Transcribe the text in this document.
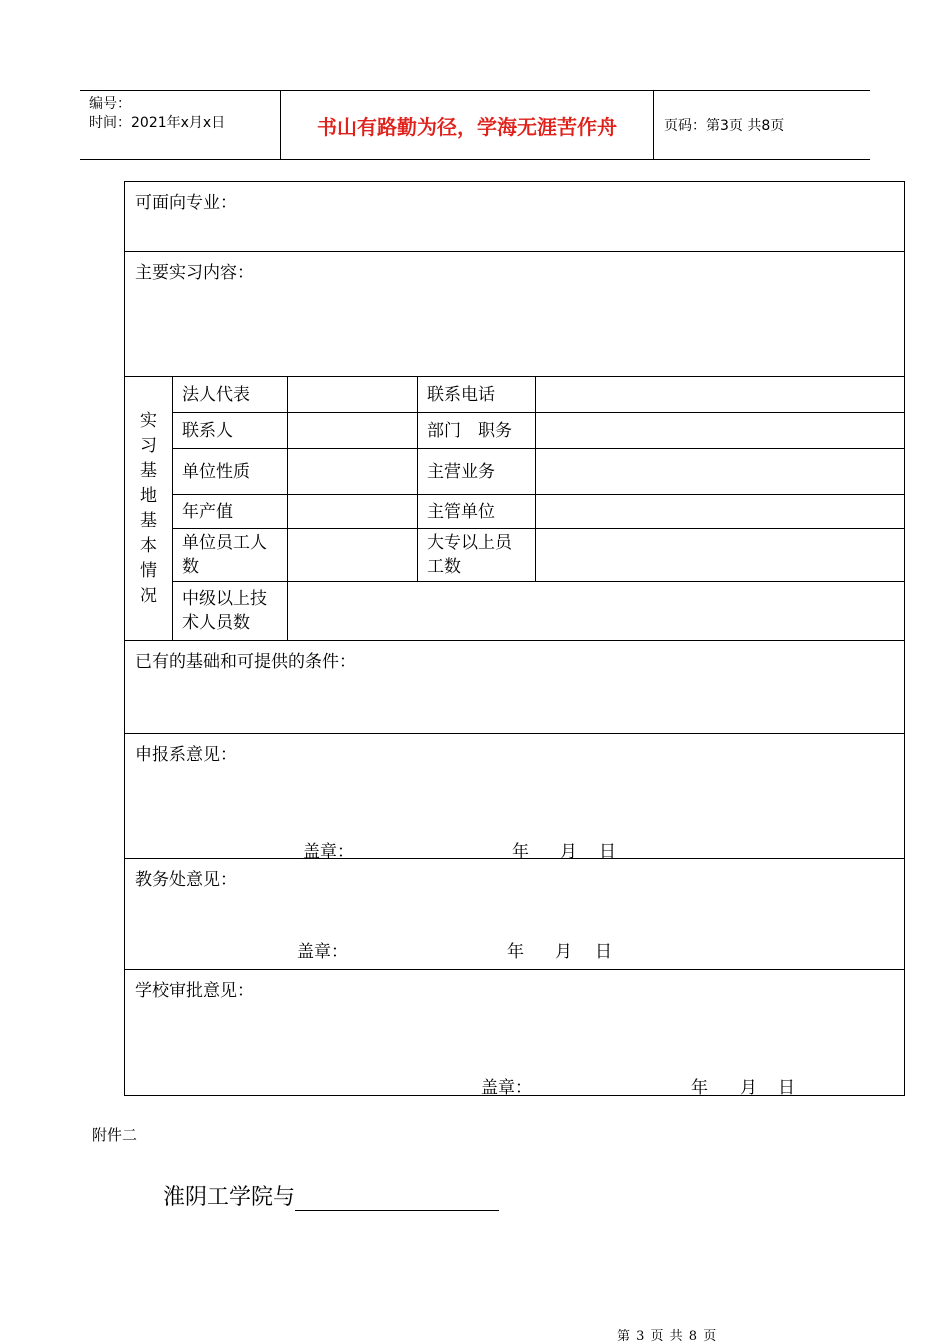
编号：
时间：2021年x月x日	书山有路勤为径，学海无涯苦作舟	页码：第3页 共8页
可面向专业：				
主要实习内容：				
实习基地基本情况	法人代表		联系电话	
	联系人		部门　职务	
	单位性质		主营业务	
	年产值		主管单位	
	单位员工人数		大专以上员工数	
	中级以上技术人员数			
已有的基础和可提供的条件：				

申报系意见：
盖章： 年 月 日				

教务处意见：
盖章： 年 月 日				

学校审批意见：
盖章： 年 月 日				
附件二
淮阴工学院与
第 3 页 共 8 页
